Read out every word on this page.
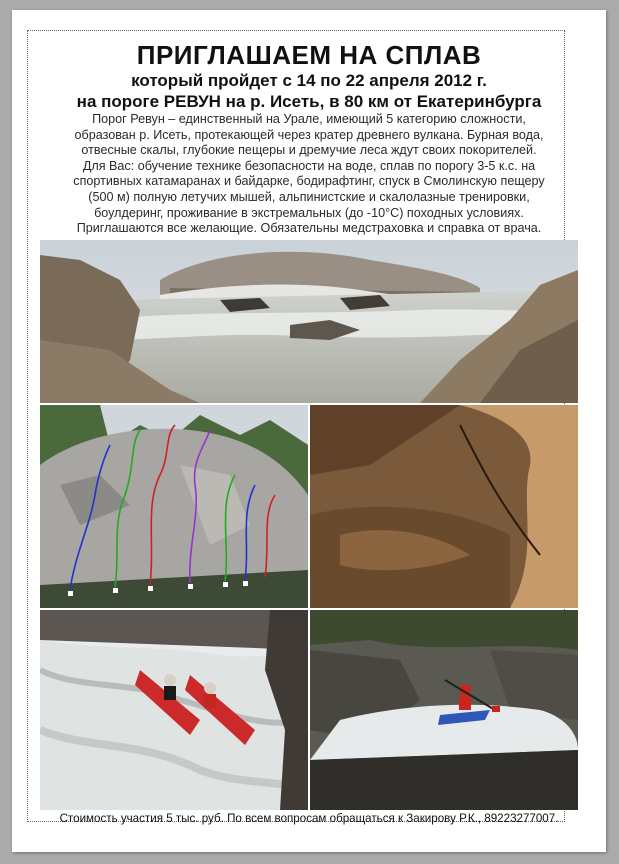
ПРИГЛАШАЕМ НА СПЛАВ
который пройдет с 14 по 22 апреля 2012 г.
на пороге РЕВУН на р. Исеть, в 80 км от Екатеринбурга

Порог Ревун – единственный на Урале, имеющий 5 категорию сложности,

образован р. Исеть, протекающей через кратер древнего вулкана. Бурная вода,

отвесные скалы, глубокие пещеры и дремучие леса ждут своих покорителей.

Для Вас: обучение технике безопасности на воде, сплав по порогу 3-5 к.с. на

спортивных катамаранах и байдарке, бодирафтинг, спуск в Смолинскую пещеру

(500 м) полную летучих мышей, альпинистские и скалолазные тренировки,

боулдеринг, проживание в экстремальных (до -10°С) походных условиях.

Приглашаются все желающие. Обязательны медстраховка и справка от врача.

Стоимость участия 5 тыс. руб. По всем вопросам обращаться к Закирову Р.К., 89223277007.
